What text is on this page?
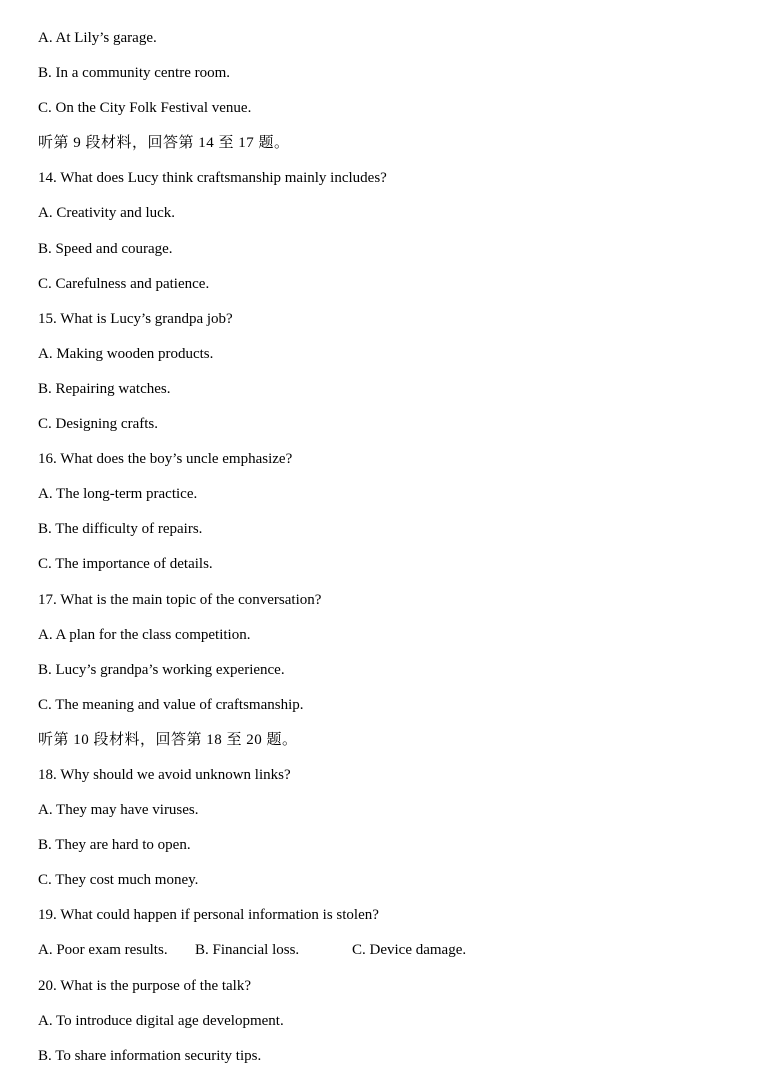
A. At Lily’s garage.
B. In a community centre room.
C. On the City Folk Festival venue.
听第 9 段材料，回答第 14 至 17 题。
14. What does Lucy think craftsmanship mainly includes?
A. Creativity and luck.
B. Speed and courage.
C. Carefulness and patience.
15. What is Lucy’s grandpa job?
A. Making wooden products.
B. Repairing watches.
C. Designing crafts.
16. What does the boy’s uncle emphasize?
A. The long-term practice.
B. The difficulty of repairs.
C. The importance of details.
17. What is the main topic of the conversation?
A. A plan for the class competition.
B. Lucy’s grandpa’s working experience.
C. The meaning and value of craftsmanship.
听第 10 段材料，回答第 18 至 20 题。
18. Why should we avoid unknown links?
A. They may have viruses.
B. They are hard to open.
C. They cost much money.
19. What could happen if personal information is stolen?
A. Poor exam results.	B. Financial loss.	C. Device damage.
20. What is the purpose of the talk?
A. To introduce digital age development.
B. To share information security tips.
